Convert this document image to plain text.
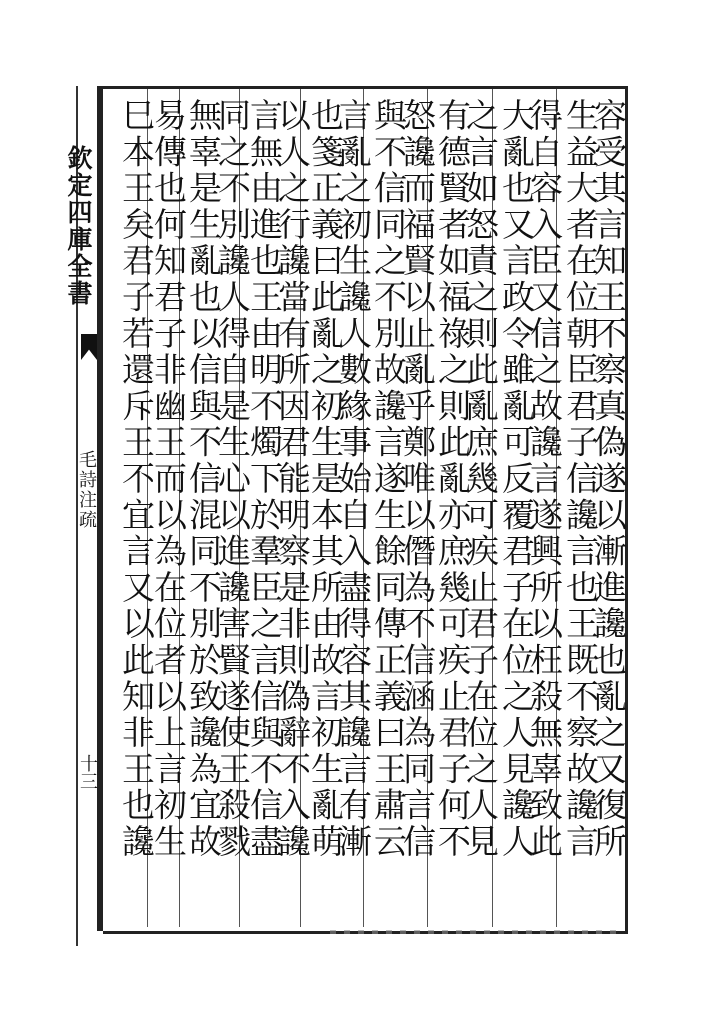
欽定四庫全書
毛詩注疏
十三	容受其言知王不察真偽遂以漸進讒也亂之又復所
生益大者在位朝臣君子信讒言也王既不察故讒言
得自容入臣又信之故讒言遂興所以枉殺無辜致此
大亂也又言政令雖亂可反覆君子在位之人見讒人
之言如怒責之則此亂庶幾可疾止君子在位之人見
有德賢者如福祿之則此亂亦庶幾可疾止君子何不
怒讒而福賢以止亂乎鄭唯以僭為不信涵為同言信
與不信同之不別故讒言遂生餘同傳正義曰王肅云
言亂之初生讒人數緣事始自入盡得容其讒言有漸
也箋正義曰此亂之初生是本其所由故言初生亂萌
以人之行讒當有所因君能明察是非則偽辭不入讒
言無由進也王由明不燭下於羣臣之言信與不信盡
同之不別讒人得自是生心以進讒害賢遂使王殺戮
無辜是生亂也以信與不信混同不別於致讒為宜故
易傳也何知君子非幽王而以為在位者以上言初生
巳本王矣君子若還斥王不宜言又以此知非王也讒
